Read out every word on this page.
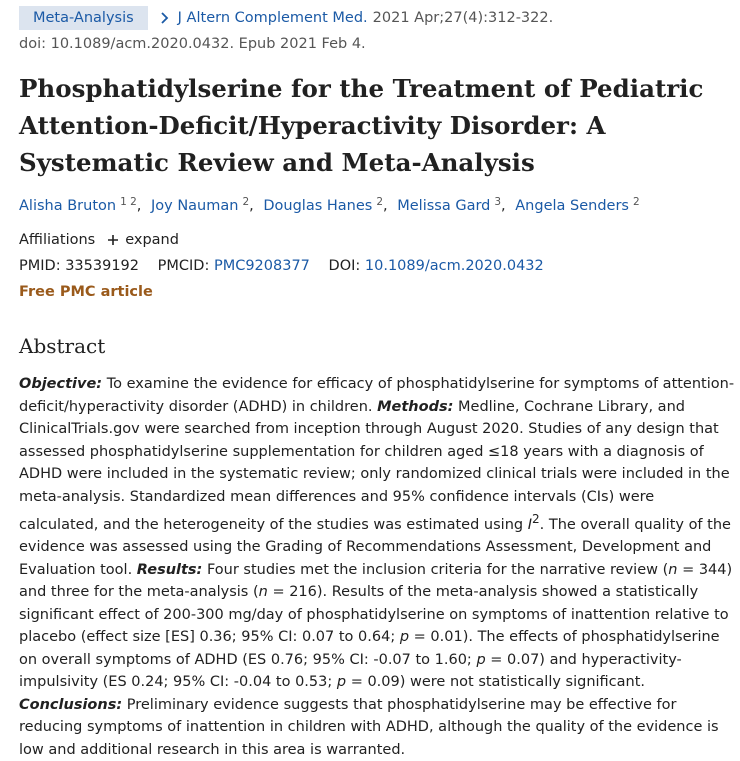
Meta-Analysis	J Altern Complement Med. 2021 Apr;27(4):312-322.
doi: 10.1089/acm.2020.0432. Epub 2021 Feb 4.
Phosphatidylserine for the Treatment of Pediatric Attention-Deficit/Hyperactivity Disorder: A Systematic Review and Meta-Analysis
Alisha Bruton $^{1 2}$, Joy Nauman $^2$, Douglas Hanes $^2$, Melissa Gard $^3$, Angela Senders $^2$
Affiliations expand
PMID: 33539192 PMCID: PMC9208377 DOI: 10.1089/acm.2020.0432
Free PMC article
Abstract

Objective: To examine the evidence for efficacy of phosphatidylserine for symptoms of attention-deficit/hyperactivity disorder (ADHD) in children. Methods: Medline, Cochrane Library, and ClinicalTrials.gov were searched from inception through August 2020. Studies of any design that assessed phosphatidylserine supplementation for children aged ≤18 years with a diagnosis of ADHD were included in the systematic review; only randomized clinical trials were included in the meta-analysis. Standardized mean differences and 95% confidence intervals (CIs) were calculated, and the heterogeneity of the studies was estimated using $I^2$. The overall quality of the evidence was assessed using the Grading of Recommendations Assessment, Development and Evaluation tool. Results: Four studies met the inclusion criteria for the narrative review (n = 344) and three for the meta-analysis (n = 216). Results of the meta-analysis showed a statistically significant effect of 200-300 mg/day of phosphatidylserine on symptoms of inattention relative to placebo (effect size [ES] 0.36; 95% CI: 0.07 to 0.64; p = 0.01). The effects of phosphatidylserine on overall symptoms of ADHD (ES 0.76; 95% CI: -0.07 to 1.60; p = 0.07) and hyperactivity-impulsivity (ES 0.24; 95% CI: -0.04 to 0.53; p = 0.09) were not statistically significant. Conclusions: Preliminary evidence suggests that phosphatidylserine may be effective for reducing symptoms of inattention in children with ADHD, although the quality of the evidence is low and additional research in this area is warranted.
